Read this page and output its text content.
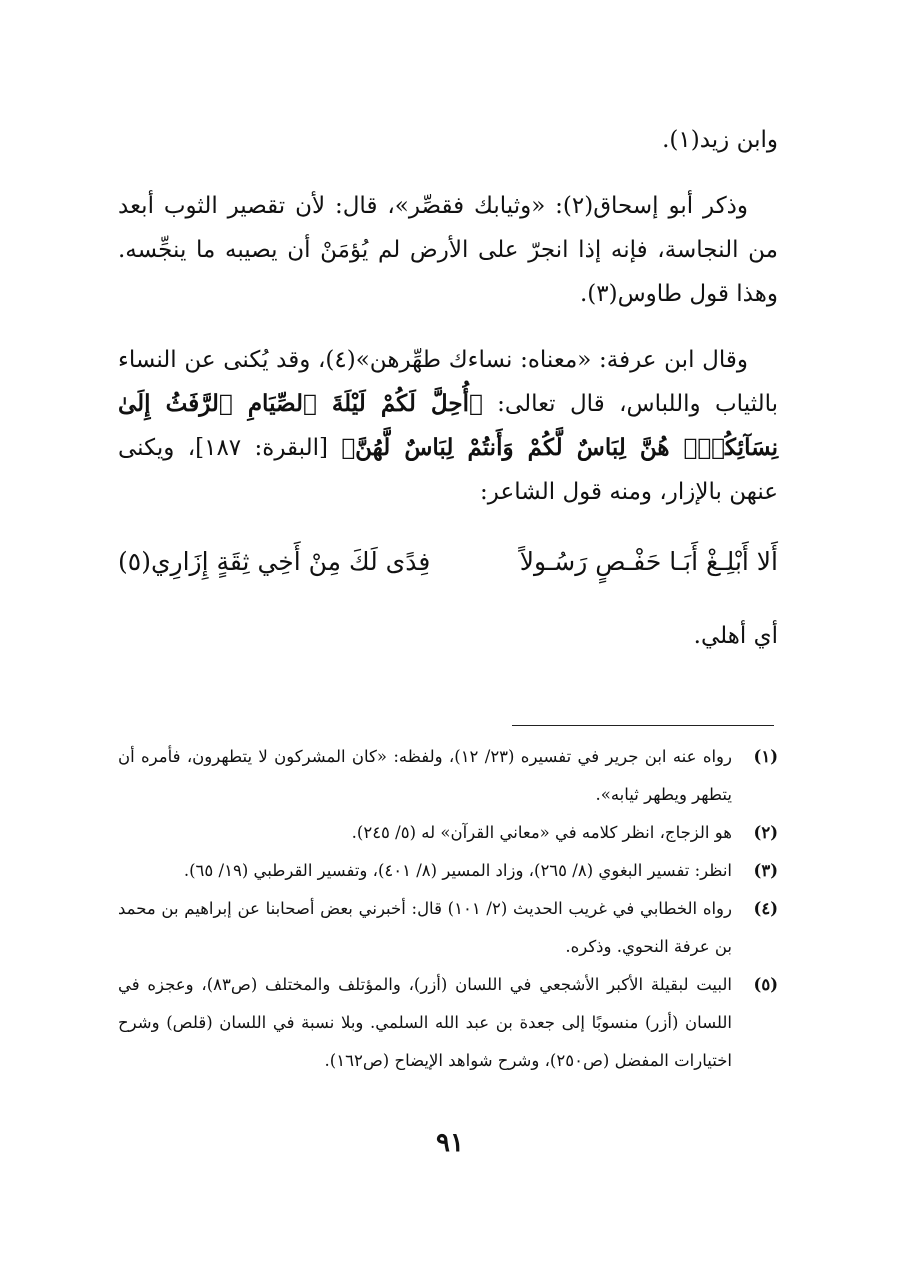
وابن زيد(١).

وذكر أبو إسحاق(٢): «وثيابك فقصِّر»، قال: لأن تقصير الثوب أبعد من النجاسة، فإنه إذا انجرّ على الأرض لم يُؤمَنْ أن يصيبه ما ينجِّسه. وهذا قول طاوس(٣).

وقال ابن عرفة: «معناه: نساءك طهِّرهن»(٤)، وقد يُكنى عن النساء بالثياب واللباس، قال تعالى: ﴿أُحِلَّ لَكُمْ لَيْلَةَ ٱلصِّيَامِ ٱلرَّفَثُ إِلَىٰ نِسَآئِكُمْۚ هُنَّ لِبَاسٌ لَّكُمْ وَأَنتُمْ لِبَاسٌ لَّهُنَّ﴾ [البقرة: ١٨٧]، ويكنى عنهن بالإزار، ومنه قول الشاعر:

أَلا أَبْلِـغْ أَبَـا حَفْـصٍ رَسُـولاً
فِدًى لَكَ مِنْ أَخِي ثِقَةٍ إِزَارِي(٥)

أي أهلي.

(١)
رواه عنه ابن جرير في تفسيره (٢٣/ ١٢)، ولفظه: «كان المشركون لا يتطهرون، فأمره أن يتطهر ويطهر ثيابه».
(٢)
هو الزجاج، انظر كلامه في «معاني القرآن» له (٥/ ٢٤٥).
(٣)
انظر: تفسير البغوي (٨/ ٢٦٥)، وزاد المسير (٨/ ٤٠١)، وتفسير القرطبي (١٩/ ٦٥).
(٤)
رواه الخطابي في غريب الحديث (٢/ ١٠١) قال: أخبرني بعض أصحابنا عن إبراهيم بن محمد بن عرفة النحوي. وذكره.
(٥)
البيت لبقيلة الأكبر الأشجعي في اللسان (أزر)، والمؤتلف والمختلف (ص٨٣)، وعجزه في اللسان (أزر) منسوبًا إلى جعدة بن عبد الله السلمي. وبلا نسبة في اللسان (قلص) وشرح اختيارات المفضل (ص٢٥٠)، وشرح شواهد الإيضاح (ص١٦٢).
٩١
